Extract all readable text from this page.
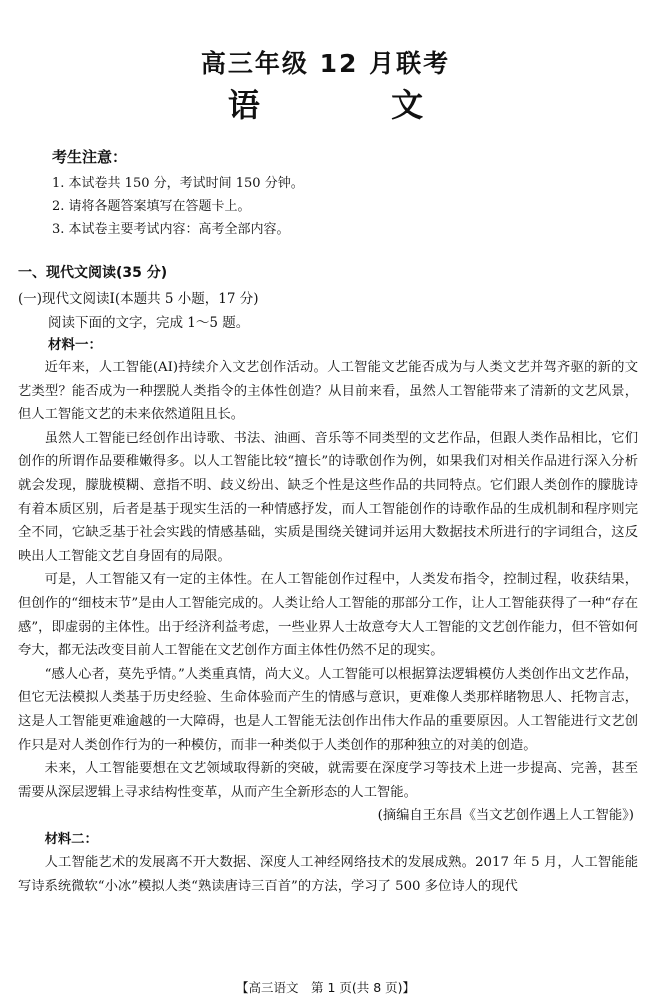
高三年级 12 月联考
语 文
考生注意：
1. 本试卷共 150 分，考试时间 150 分钟。
2. 请将各题答案填写在答题卡上。
3. 本试卷主要考试内容：高考全部内容。
一、现代文阅读(35 分)
(一)现代文阅读Ⅰ(本题共 5 小题，17 分)
阅读下面的文字，完成 1～5 题。
材料一：

近年来，人工智能(AI)持续介入文艺创作活动。人工智能文艺能否成为与人类文艺并驾齐驱的新的文艺类型？能否成为一种摆脱人类指令的主体性创造？从目前来看，虽然人工智能带来了清新的文艺风景，但人工智能文艺的未来依然道阻且长。

虽然人工智能已经创作出诗歌、书法、油画、音乐等不同类型的文艺作品，但跟人类作品相比，它们创作的所谓作品要稚嫩得多。以人工智能比较“擅长”的诗歌创作为例，如果我们对相关作品进行深入分析就会发现，朦胧模糊、意指不明、歧义纷出、缺乏个性是这些作品的共同特点。它们跟人类创作的朦胧诗有着本质区别，后者是基于现实生活的一种情感抒发，而人工智能创作的诗歌作品的生成机制和程序则完全不同，它缺乏基于社会实践的情感基础，实质是围绕关键词并运用大数据技术所进行的字词组合，这反映出人工智能文艺自身固有的局限。

可是，人工智能又有一定的主体性。在人工智能创作过程中，人类发布指令，控制过程，收获结果，但创作的“细枝末节”是由人工智能完成的。人类让给人工智能的那部分工作，让人工智能获得了一种“存在感”，即虚弱的主体性。出于经济利益考虑，一些业界人士故意夸大人工智能的文艺创作能力，但不管如何夸大，都无法改变目前人工智能在文艺创作方面主体性仍然不足的现实。

“感人心者，莫先乎情。”人类重真情，尚大义。人工智能可以根据算法逻辑模仿人类创作出文艺作品，但它无法模拟人类基于历史经验、生命体验而产生的情感与意识，更难像人类那样睹物思人、托物言志，这是人工智能更难逾越的一大障碍，也是人工智能无法创作出伟大作品的重要原因。人工智能进行文艺创作只是对人类创作行为的一种模仿，而非一种类似于人类创作的那种独立的对美的创造。

未来，人工智能要想在文艺领域取得新的突破，就需要在深度学习等技术上进一步提高、完善，甚至需要从深层逻辑上寻求结构性变革，从而产生全新形态的人工智能。

(摘编自王东昌《当文艺创作遇上人工智能》)

材料二：

人工智能艺术的发展离不开大数据、深度人工神经网络技术的发展成熟。2017 年 5 月，人工智能能写诗系统微软“小冰”模拟人类“熟读唐诗三百首”的方法，学习了 500 多位诗人的现代

【高三语文　第 1 页(共 8 页)】
